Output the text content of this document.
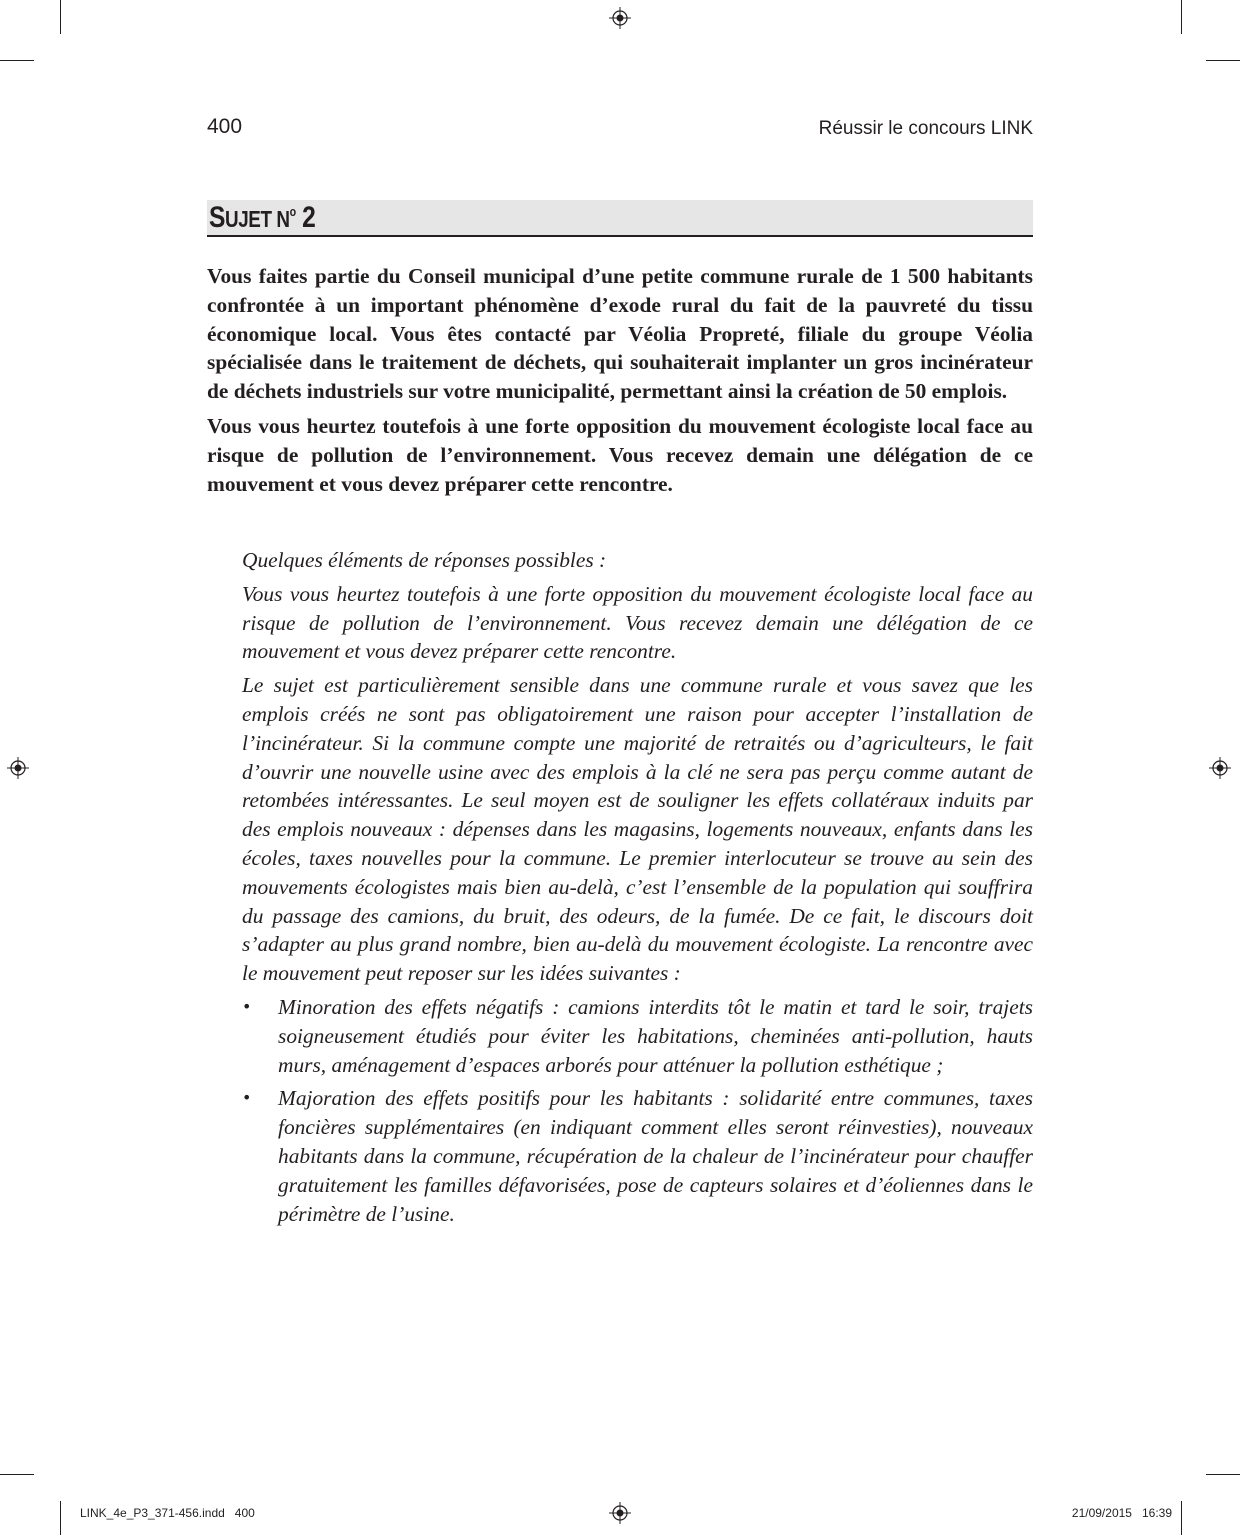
400	Réussir le concours LINK
SUJET $N^o$ 2

Vous faites partie du Conseil municipal d’une petite commune rurale de 1 500 habitants confrontée à un important phénomène d’exode rural du fait de la pauvreté du tissu économique local. Vous êtes contacté par Véolia Propreté, filiale du groupe Véolia spécialisée dans le traitement de déchets, qui souhaiterait implanter un gros incinérateur de déchets industriels sur votre municipalité, permettant ainsi la création de 50 emplois.

Vous vous heurtez toutefois à une forte opposition du mouvement écologiste local face au risque de pollution de l’environnement. Vous recevez demain une délégation de ce mouvement et vous devez préparer cette rencontre.

Quelques éléments de réponses possibles :

Vous vous heurtez toutefois à une forte opposition du mouvement écologiste local face au risque de pollution de l’environnement. Vous recevez demain une délégation de ce mouvement et vous devez préparer cette rencontre.

Le sujet est particulièrement sensible dans une commune rurale et vous savez que les emplois créés ne sont pas obligatoirement une raison pour accepter l’installation de l’incinérateur. Si la commune compte une majorité de retraités ou d’agriculteurs, le fait d’ouvrir une nouvelle usine avec des emplois à la clé ne sera pas perçu comme autant de retombées intéressantes. Le seul moyen est de souligner les effets collatéraux induits par des emplois nouveaux : dépenses dans les magasins, logements nouveaux, enfants dans les écoles, taxes nouvelles pour la commune. Le premier interlocuteur se trouve au sein des mouvements écologistes mais bien au-delà, c’est l’ensemble de la population qui souffrira du passage des camions, du bruit, des odeurs, de la fumée. De ce fait, le discours doit s’adapter au plus grand nombre, bien au-delà du mouvement écologiste. La rencontre avec le mouvement peut reposer sur les idées suivantes :

• Minoration des effets négatifs : camions interdits tôt le matin et tard le soir, trajets soigneusement étudiés pour éviter les habitations, cheminées anti-pollution, hauts murs, aménagement d’espaces arborés pour atténuer la pollution esthétique ;
• Majoration des effets positifs pour les habitants : solidarité entre communes, taxes foncières supplémentaires (en indiquant comment elles seront réinvesties), nouveaux habitants dans la commune, récupération de la chaleur de l’incinérateur pour chauffer gratuitement les familles défavorisées, pose de capteurs solaires et d’éoliennes dans le périmètre de l’usine.
LINK_4e_P3_371-456.indd   400	21/09/2015   16:39
